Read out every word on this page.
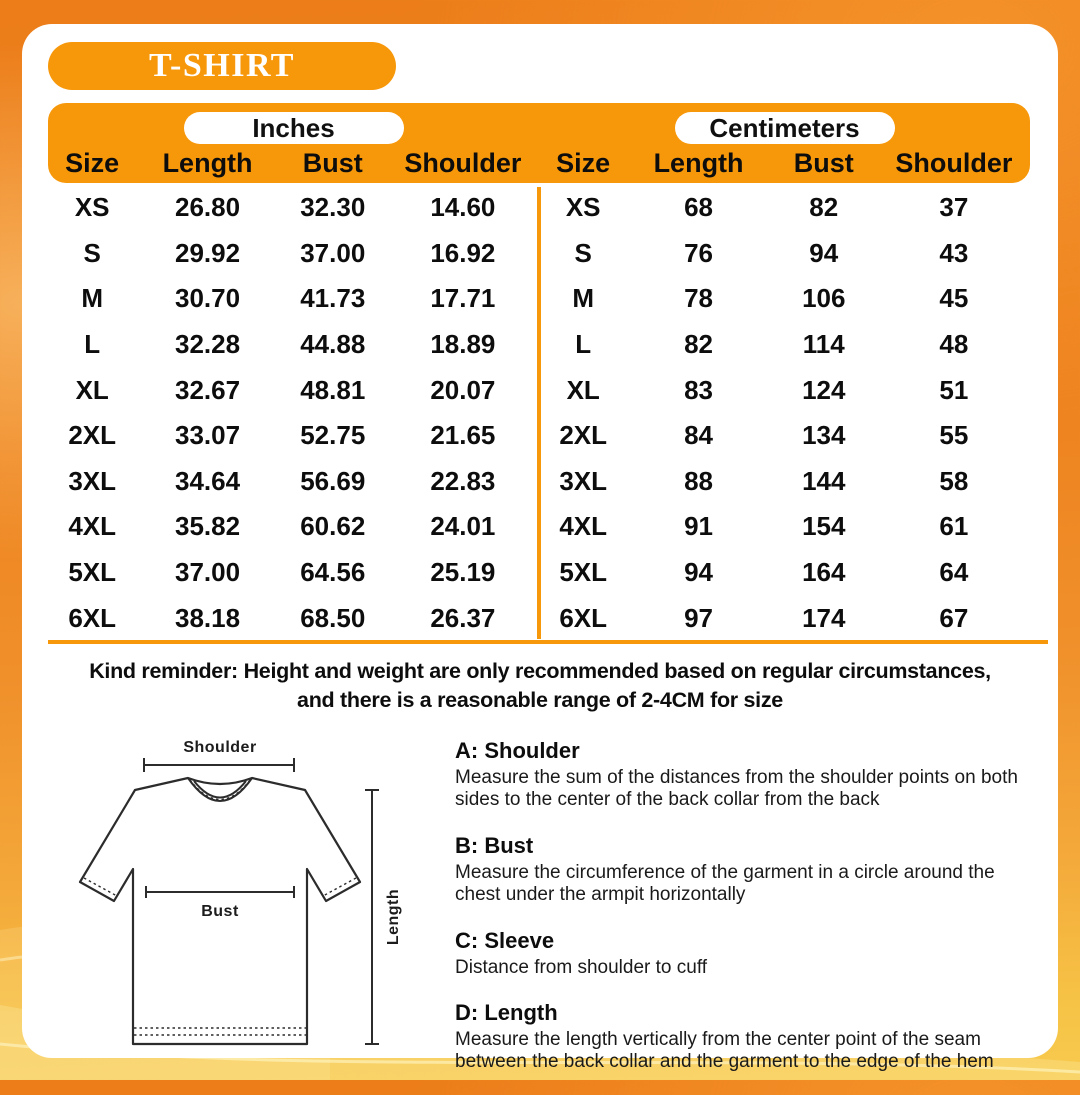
T-SHIRT
Inches
Size	Length	Bust	Shoulder
Centimeters
Size	Length	Bust	Shoulder
XS	26.80	32.30	14.60
S	29.92	37.00	16.92
M	30.70	41.73	17.71
L	32.28	44.88	18.89
XL	32.67	48.81	20.07
2XL	33.07	52.75	21.65
3XL	34.64	56.69	22.83
4XL	35.82	60.62	24.01
5XL	37.00	64.56	25.19
6XL	38.18	68.50	26.37
XS	68	82	37
S	76	94	43
M	78	106	45
L	82	114	48
XL	83	124	51
2XL	84	134	55
3XL	88	144	58
4XL	91	154	61
5XL	94	164	64
6XL	97	174	67
Kind reminder: Height and weight are only recommended based on regular circumstances,
and there is a reasonable range of 2-4CM for size
Shoulder
Bust	Length
A: Shoulder

Measure the sum of the distances from the shoulder points on both sides to the center of the back collar from the back

B: Bust

Measure the circumference of the garment in a circle around the chest under the armpit horizontally

C: Sleeve

Distance from shoulder to cuff

D: Length

Measure the length vertically from the center point of the seam between the back collar and the garment to the edge of the hem
